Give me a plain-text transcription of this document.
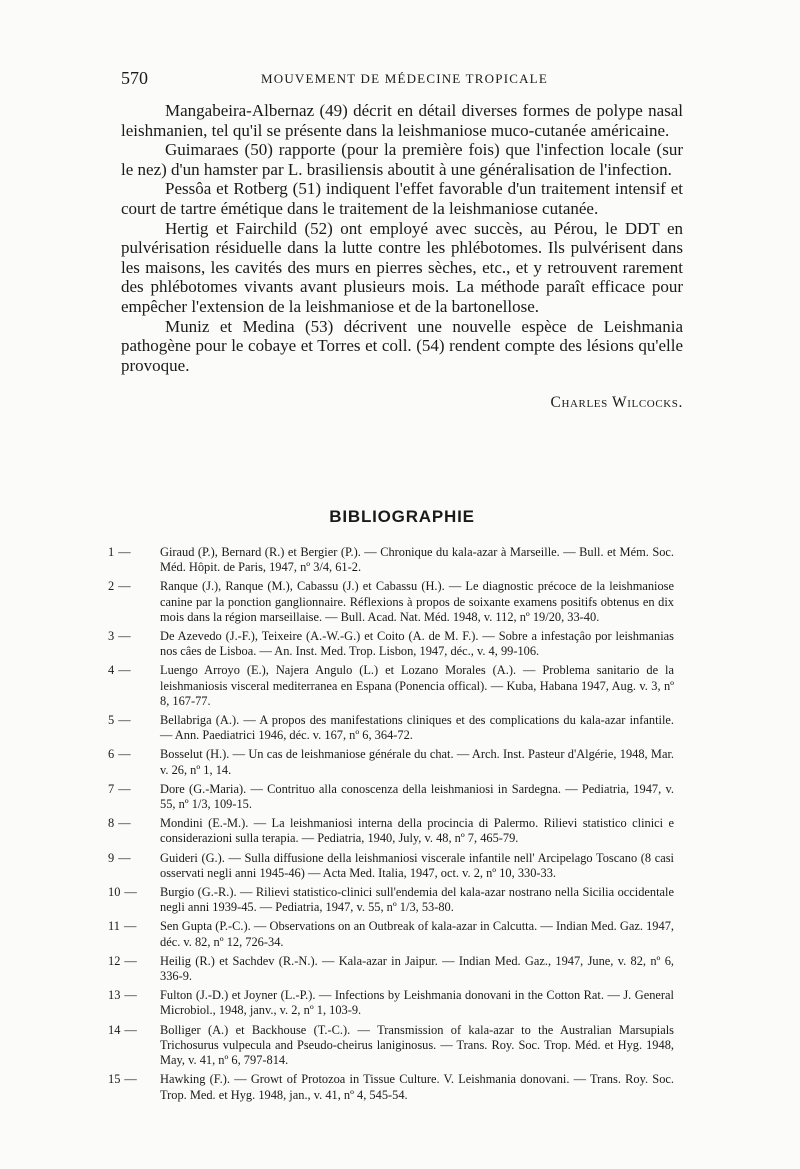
570	MOUVEMENT DE MÉDECINE TROPICALE

Mangabeira-Albernaz (49) décrit en détail diverses formes de polype nasal leishmanien, tel qu'il se présente dans la leishmaniose muco-cutanée américaine.

Guimaraes (50) rapporte (pour la première fois) que l'infection locale (sur le nez) d'un hamster par L. brasiliensis aboutit à une généralisation de l'infection.

Pessôa et Rotberg (51) indiquent l'effet favorable d'un traitement intensif et court de tartre émétique dans le traitement de la leishmaniose cutanée.

Hertig et Fairchild (52) ont employé avec succès, au Pérou, le DDT en pulvérisation résiduelle dans la lutte contre les phlébotomes. Ils pulvérisent dans les maisons, les cavités des murs en pierres sèches, etc., et y retrouvent rarement des phlébotomes vivants avant plusieurs mois. La méthode paraît efficace pour empêcher l'extension de la leishmaniose et de la bartonellose.

Muniz et Medina (53) décrivent une nouvelle espèce de Leishmania pathogène pour le cobaye et Torres et coll. (54) rendent compte des lésions qu'elle provoque.

Charles Wilcocks.
BIBLIOGRAPHIE
1 —	Giraud (P.), Bernard (R.) et Bergier (P.). — Chronique du kala-azar à Marseille. — Bull. et Mém. Soc. Méd. Hôpit. de Paris, 1947, nº 3/4, 61-2.
2 —	Ranque (J.), Ranque (M.), Cabassu (J.) et Cabassu (H.). — Le diagnostic précoce de la leishmaniose canine par la ponction ganglionnaire. Réflexions à propos de soixante examens positifs obtenus en dix mois dans la région marseillaise. — Bull. Acad. Nat. Méd. 1948, v. 112, nº 19/20, 33-40.
3 —	De Azevedo (J.-F.), Teixeire (A.-W.-G.) et Coito (A. de M. F.). — Sobre a infestaçâo por leishmanias nos câes de Lisboa. — An. Inst. Med. Trop. Lisbon, 1947, déc., v. 4, 99-106.
4 —	Luengo Arroyo (E.), Najera Angulo (L.) et Lozano Morales (A.). — Problema sanitario de la leishmaniosis visceral mediterranea en Espana (Ponencia offical). — Kuba, Habana 1947, Aug. v. 3, nº 8, 167-77.
5 —	Bellabriga (A.). — A propos des manifestations cliniques et des complications du kala-azar infantile. — Ann. Paediatrici 1946, déc. v. 167, nº 6, 364-72.
6 —	Bosselut (H.). — Un cas de leishmaniose générale du chat. — Arch. Inst. Pasteur d'Algérie, 1948, Mar. v. 26, nº 1, 14.
7 —	Dore (G.-Maria). — Contrituo alla conoscenza della leishmaniosi in Sardegna. — Pediatria, 1947, v. 55, nº 1/3, 109-15.
8 —	Mondini (E.-M.). — La leishmaniosi interna della procincia di Palermo. Rilievi statistico clinici e considerazioni sulla terapia. — Pediatria, 1940, July, v. 48, nº 7, 465-79.
9 —	Guideri (G.). — Sulla diffusione della leishmaniosi viscerale infantile nell' Arcipelago Toscano (8 casi osservati negli anni 1945-46) — Acta Med. Italia, 1947, oct. v. 2, nº 10, 330-33.
10 —	Burgio (G.-R.). — Rilievi statistico-clinici sull'endemia del kala-azar nostrano nella Sicilia occidentale negli anni 1939-45. — Pediatria, 1947, v. 55, nº 1/3, 53-80.
11 —	Sen Gupta (P.-C.). — Observations on an Outbreak of kala-azar in Calcutta. — Indian Med. Gaz. 1947, déc. v. 82, nº 12, 726-34.
12 —	Heilig (R.) et Sachdev (R.-N.). — Kala-azar in Jaipur. — Indian Med. Gaz., 1947, June, v. 82, nº 6, 336-9.
13 —	Fulton (J.-D.) et Joyner (L.-P.). — Infections by Leishmania donovani in the Cotton Rat. — J. General Microbiol., 1948, janv., v. 2, nº 1, 103-9.
14 —	Bolliger (A.) et Backhouse (T.-C.). — Transmission of kala-azar to the Australian Marsupials Trichosurus vulpecula and Pseudo-cheirus laniginosus. — Trans. Roy. Soc. Trop. Méd. et Hyg. 1948, May, v. 41, nº 6, 797-814.
15 —	Hawking (F.). — Growt of Protozoa in Tissue Culture. V. Leishmania donovani. — Trans. Roy. Soc. Trop. Med. et Hyg. 1948, jan., v. 41, nº 4, 545-54.
